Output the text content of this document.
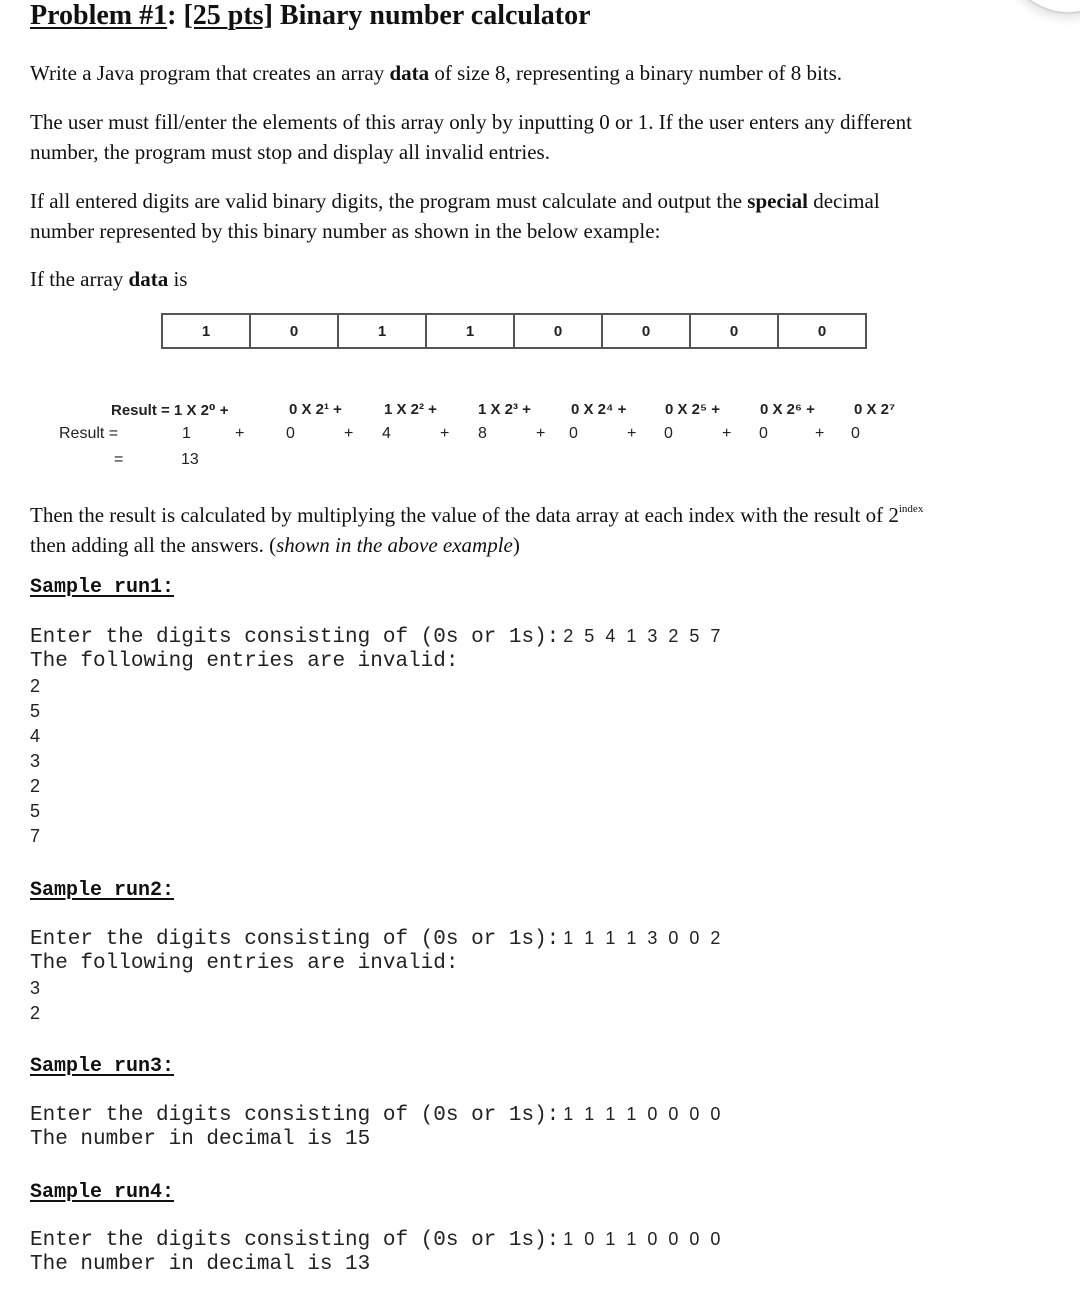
Problem #1: [25 pts] Binary number calculator
Write a Java program that creates an array data of size 8, representing a binary number of 8 bits.
The user must fill/enter the elements of this array only by inputting 0 or 1. If the user enters any different
number, the program must stop and display all invalid entries.
If all entered digits are valid binary digits, the program must calculate and output the special decimal
number represented by this binary number as shown in the below example:
If the array data is
1	0	1	1	0	0	0	0
Result = 1 X 2⁰ +	0 X 2¹ +	1 X 2² +	1 X 2³ +	0 X 2⁴ +	0 X 2⁵ +	0 X 2⁶ +	0 X 2⁷
Result =	1	+	0	+ 4	+ 8	+ 0	+ 0	+ 0	+ 0
=	13
Then the result is calculated by multiplying the value of the data array at each index with the result of $2^{index}$
then adding all the answers. (shown in the above example)
Sample run1:
Enter the digits consisting of (0s or 1s): 2 5 4 1 3 2 5 7
The following entries are invalid:
2
5
4
3
2
5
7
Sample run2:
Enter the digits consisting of (0s or 1s): 1 1 1 1 3 0 0 2
The following entries are invalid:
3
2
Sample run3:
Enter the digits consisting of (0s or 1s): 1 1 1 1 0 0 0 0
The number in decimal is 15
Sample run4:
Enter the digits consisting of (0s or 1s): 1 0 1 1 0 0 0 0
The number in decimal is 13
